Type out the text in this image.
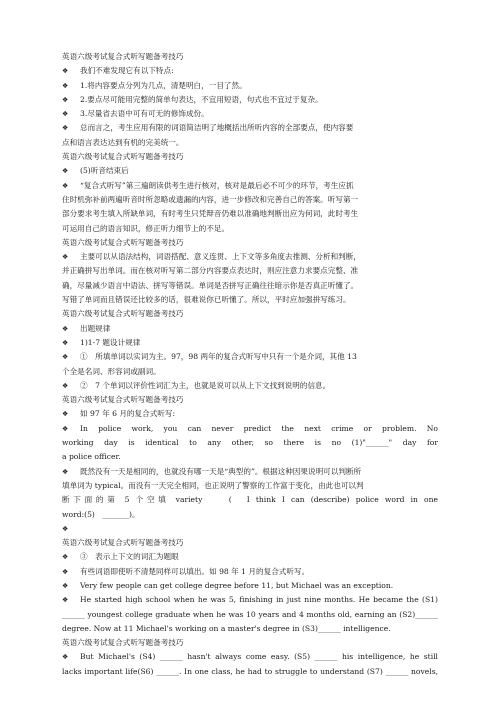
英语六级考试复合式听写题备考技巧
❖	我们不难发现它有以下特点:
❖	1.将内容要点分列为几点，清楚明白，一目了然。
❖	2.要点尽可能用完整的简单句表达，不宜用短语，句式也不宜过于复杂。
❖	3.尽量省去语中可有可无的修饰成份。
❖	总而言之，考生应用有限的词语简洁明了地概括出所听内容的全部要点，使内容要
点和语言表达达到有机的完美统一。
英语六级考试复合式听写题备考技巧
❖	(5)听音结束后
❖	“复合式听写”第三遍朗读供考生进行核对，核对是最后必不可少的环节，考生应抓
住时机弥补前两遍听音时所忽略或遗漏的内容，进一步修改和完善自己的答案。听写第一
部分要求考生填入所缺单词，有时考生只凭辩音仍难以准确地判断出应为何词，此时考生
可运用自己的语言知识，修正听力细节上的不足。
英语六级考试复合式听写题备考技巧
❖	主要可以从语法结构，词语搭配、意义连贯、上下文等多角度去推测、分析和判断，
并正确拼写出单词。而在核对听写第二部分内容要点表达时，则应注意力求要点完整、准
确，尽量减少语言中语法、拼写等错误。单词是否拼写正确往往暗示你是否真正听懂了。
写错了单词而且错误还比较多的话，很难说你已听懂了。所以，平时应加强拼写练习。
英语六级考试复合式听写题备考技巧
❖	出题规律
❖	1)1-7 题设计规律
❖	①　所填单词以实词为主。97，98 两年的复合式听写中只有一个是介词，其他 13
个全是名词、形容词或副词。
❖	②　7 个单词以评价性词汇为主，也就是说可以从上下文找到说明的信息。
英语六级考试复合式听写题备考技巧
❖	如 97 年 6 月的复合式听写:
❖	In police work, you can never predict the next crime or problem. No
working day is identical to any other, so there is no (1)"______" day for
a police officer.
❖	既然没有一天是相同的，也就没有哪一天是“典型的”。根据这种因果说明可以判断所
填单词为 typical。而没有一天完全相同，也正说明了警察的工作富于变化，由此也可以判
断下面的第 5 个空填 variety　　(　I think I can (describe) police word in one
word:(5)　_______)。
❖
英语六级考试复合式听写题备考技巧
❖	③　表示上下文的词汇为题眼
❖	有些词语即使听不清楚同样可以填出。如 98 年 1 月的复合式听写。
❖	Very few people can get college degree before 11, but Michael was an exception.
❖	He started high school when he was 5, finishing in just nine months. He became the (S1)
______ youngest college graduate when he was 10 years and 4 months old, earning an (S2)______
degree. Now at 11 Michael's working on a master's degree in (S3)______ intelligence.
英语六级考试复合式听写题备考技巧
❖	But Michael's (S4) ______ hasn't always come easy. (S5) ______ his intelligence, he still
lacks important life(S6) ______. In one class, he had to struggle to understand (S7) ______ novels,
